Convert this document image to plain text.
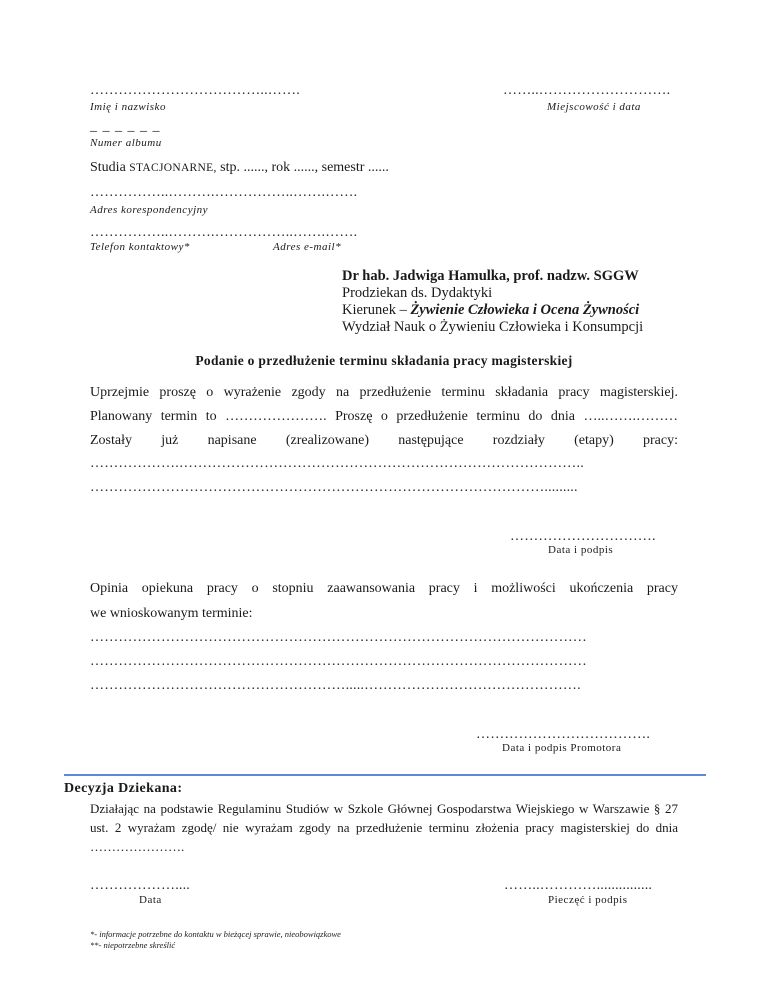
………………………………..…….
Imię i nazwisko
……..……………………….
Miejscowość i data
_ _ _ _ _ _
Numer albumu
Studia STACJONARNE, stp. ......, rok ......, semestr ......
……………..……….……………..…….…….
Adres korespondencyjny
……………..……….……………..…….…….
Telefon kontaktowy*	Adres e-mail*
Dr hab. Jadwiga Hamulka, prof. nadzw. SGGW
Prodziekan ds. Dydaktyki
Kierunek – Żywienie Człowieka i Ocena Żywności
Wydział Nauk o Żywieniu Człowieka i Konsumpcji
Podanie o przedłużenie terminu składania pracy magisterskiej
Uprzejmie proszę o wyrażenie zgody na przedłużenie terminu składania pracy magisterskiej.
Planowany termin to …………………. Proszę o przedłużenie terminu do dnia …..…….………
Zostały już napisane (zrealizowane) następujące rozdziały (etapy) pracy:
……………….…………………………………………………………………………..
…………………………………………………………………………………….........
………………………….
Data i podpis
Opinia opiekuna pracy o stopniu zaawansowania pracy i możliwości ukończenia pracy
we wnioskowanym terminie:
……………………………………………………………………………………………
……………………………………………………………………………………………
……………………………………………….....……………………………………….
……………………………….
Data i podpis Promotora
Decyzja Dziekana:
Działając na podstawie Regulaminu Studiów w Szkole Głównej Gospodarstwa Wiejskiego w Warszawie § 27 ust. 2 wyrażam zgodę/ nie wyrażam zgody na przedłużenie terminu złożenia pracy magisterskiej do dnia ………………….
………………....
Data
……..…………...............
Pieczęć i podpis
*- informacje potrzebne do kontaktu w bieżącej sprawie, nieobowiązkowe
**- niepotrzebne skreślić
